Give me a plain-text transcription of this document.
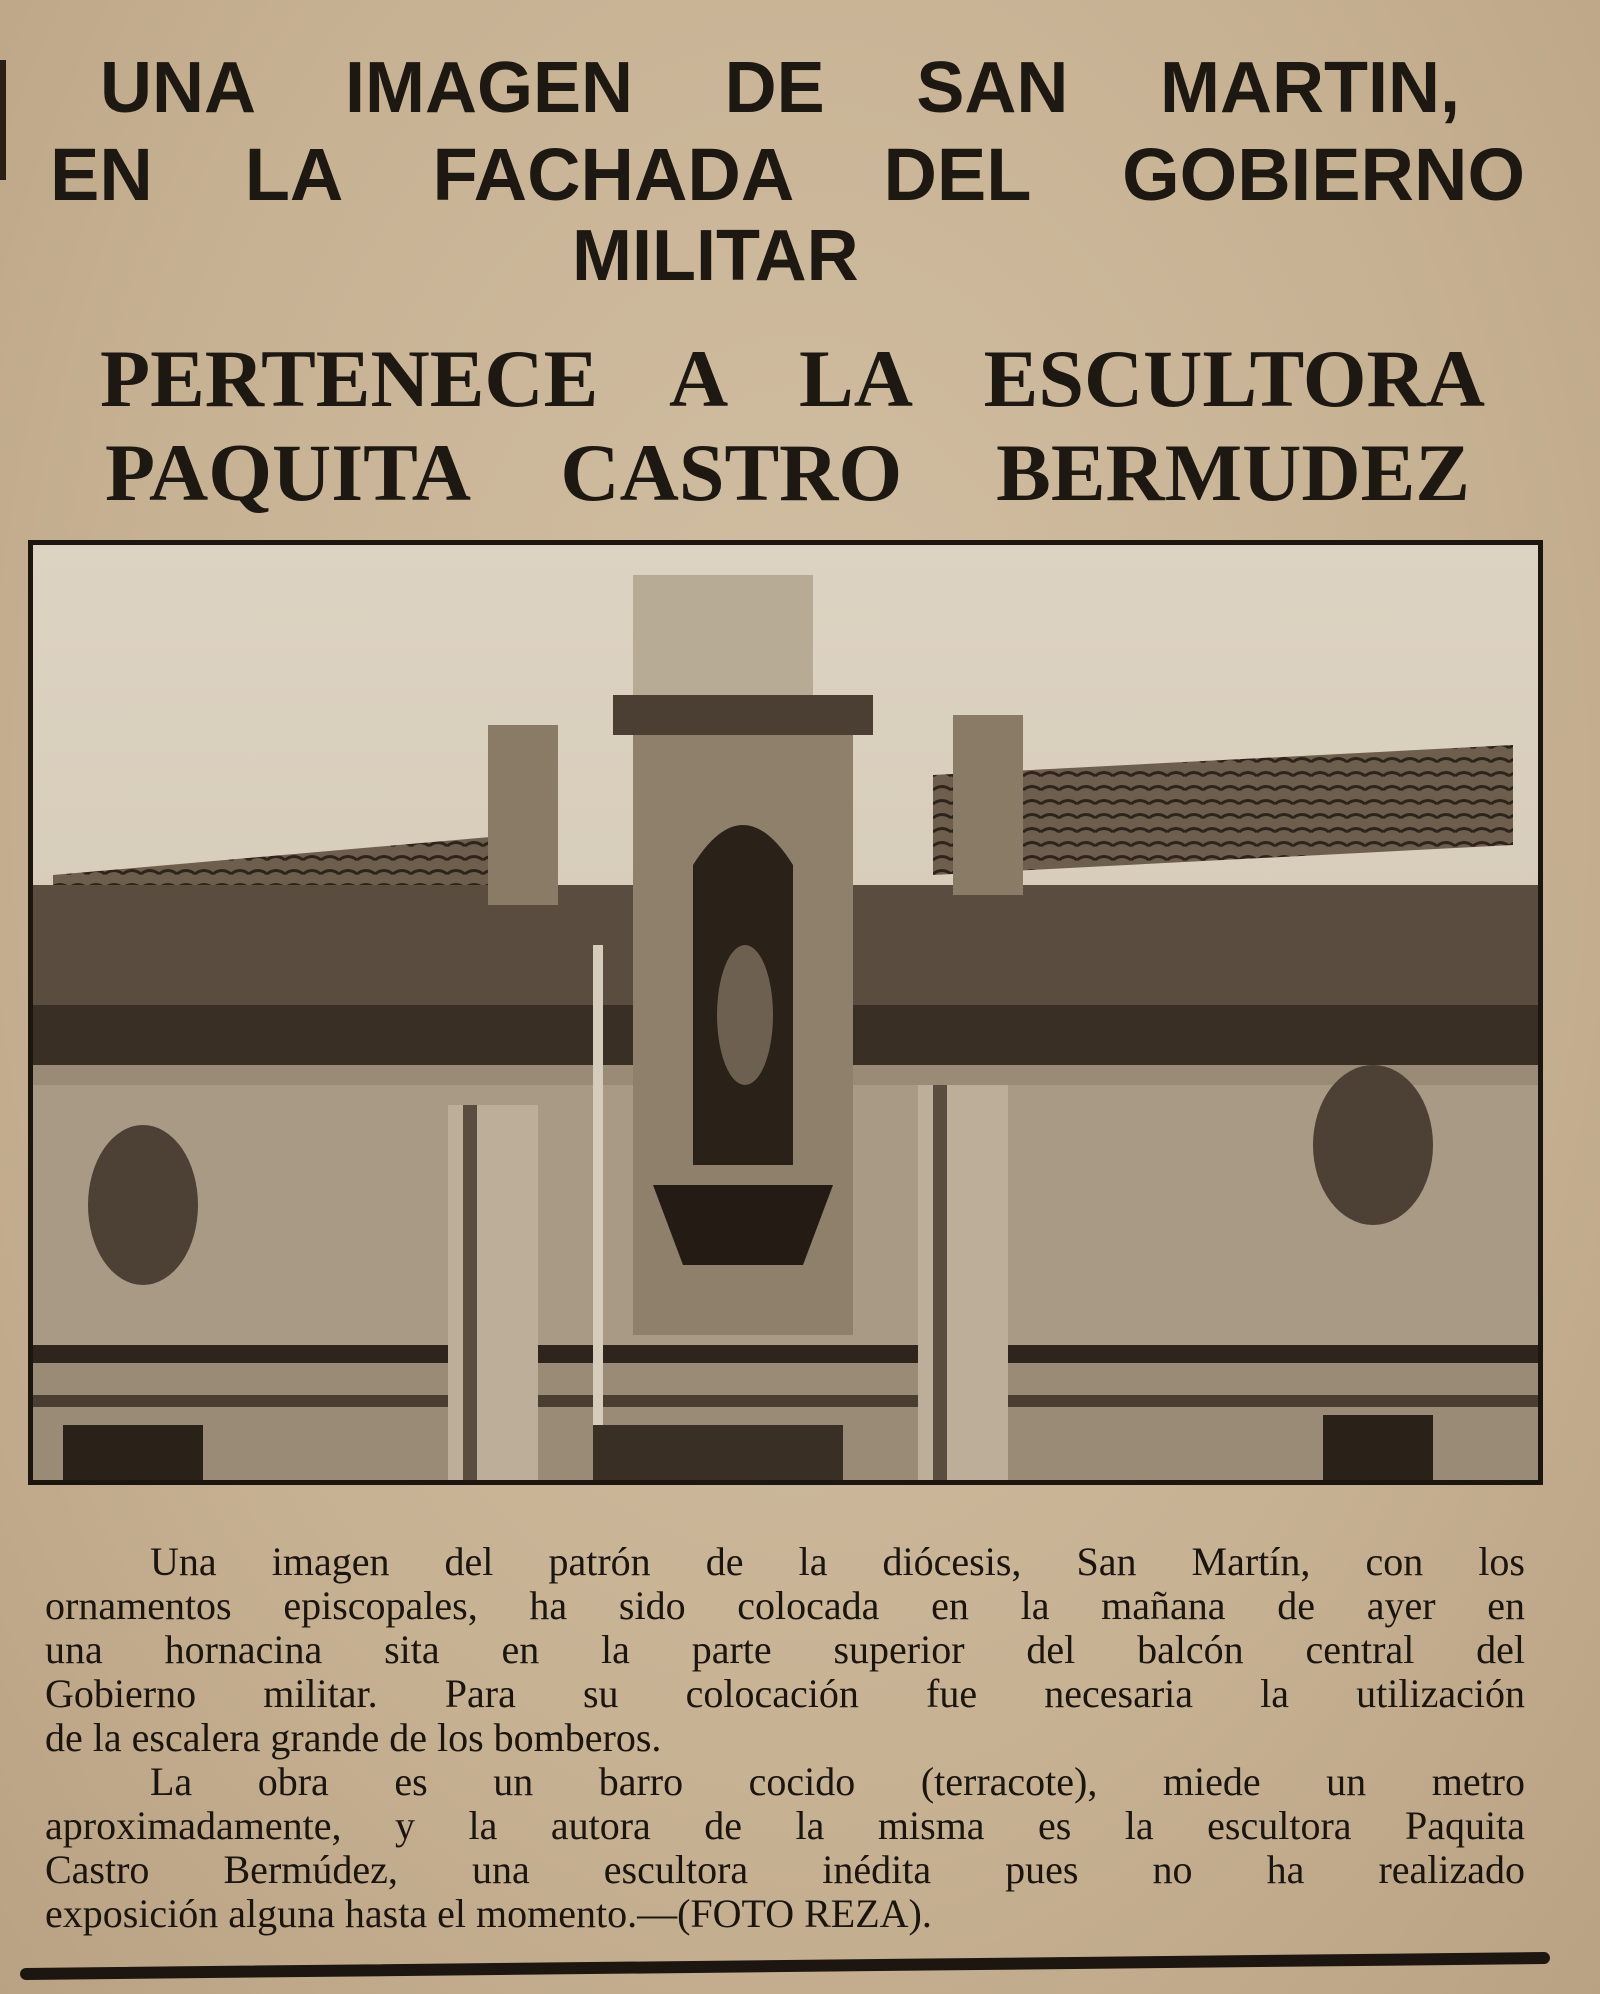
UNA IMAGEN DE SAN MARTIN,
EN LA FACHADA DEL GOBIERNO
MILITAR
PERTENECE A LA ESCULTORA
PAQUITA CASTRO BERMUDEZ

Una imagen del patrón de la diócesis, San Martín, con los
ornamentos episcopales, ha sido colocada en la mañana de ayer en
una hornacina sita en la parte superior del balcón central del
Gobierno militar. Para su colocación fue necesaria la utilización
de la escalera grande de los bomberos.

La obra es un barro cocido (terracote), miede un metro
aproximadamente, y la autora de la misma es la escultora Paquita
Castro Bermúdez, una escultora inédita pues no ha realizado
exposición alguna hasta el momento.—(FOTO REZA).
